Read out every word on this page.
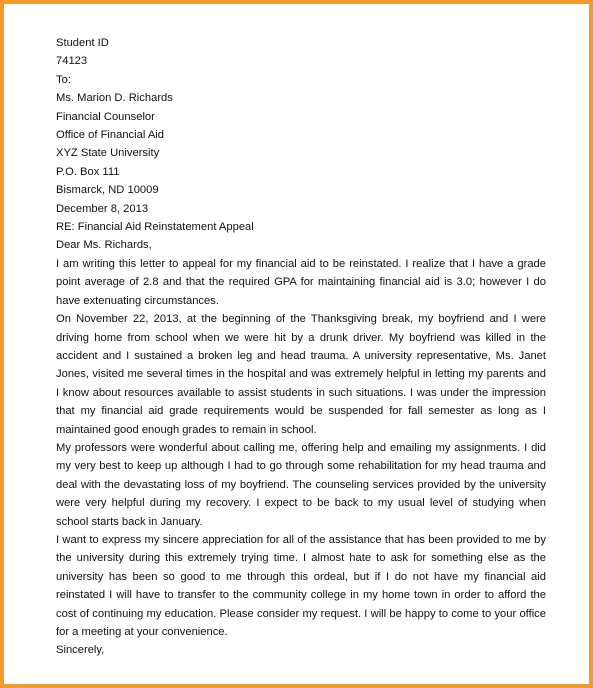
Student ID

74123

To:

Ms. Marion D. Richards

Financial Counselor

Office of Financial Aid

XYZ State University

P.O. Box 111

Bismarck, ND 10009

December 8, 2013

RE: Financial Aid Reinstatement Appeal

Dear Ms. Richards,

I am writing this letter to appeal for my financial aid to be reinstated. I realize that I have a grade point average of 2.8 and that the required GPA for maintaining financial aid is 3.0; however I do have extenuating circumstances.

On November 22, 2013, at the beginning of the Thanksgiving break, my boyfriend and I were driving home from school when we were hit by a drunk driver. My boyfriend was killed in the accident and I sustained a broken leg and head trauma. A university representative, Ms. Janet Jones, visited me several times in the hospital and was extremely helpful in letting my parents and I know about resources available to assist students in such situations. I was under the impression that my financial aid grade requirements would be suspended for fall semester as long as I maintained good enough grades to remain in school.

My professors were wonderful about calling me, offering help and emailing my assignments. I did my very best to keep up although I had to go through some rehabilitation for my head trauma and deal with the devastating loss of my boyfriend. The counseling services provided by the university were very helpful during my recovery. I expect to be back to my usual level of studying when school starts back in January.

I want to express my sincere appreciation for all of the assistance that has been provided to me by the university during this extremely trying time. I almost hate to ask for something else as the university has been so good to me through this ordeal, but if I do not have my financial aid reinstated I will have to transfer to the community college in my home town in order to afford the cost of continuing my education. Please consider my request. I will be happy to come to your office for a meeting at your convenience.

Sincerely,
